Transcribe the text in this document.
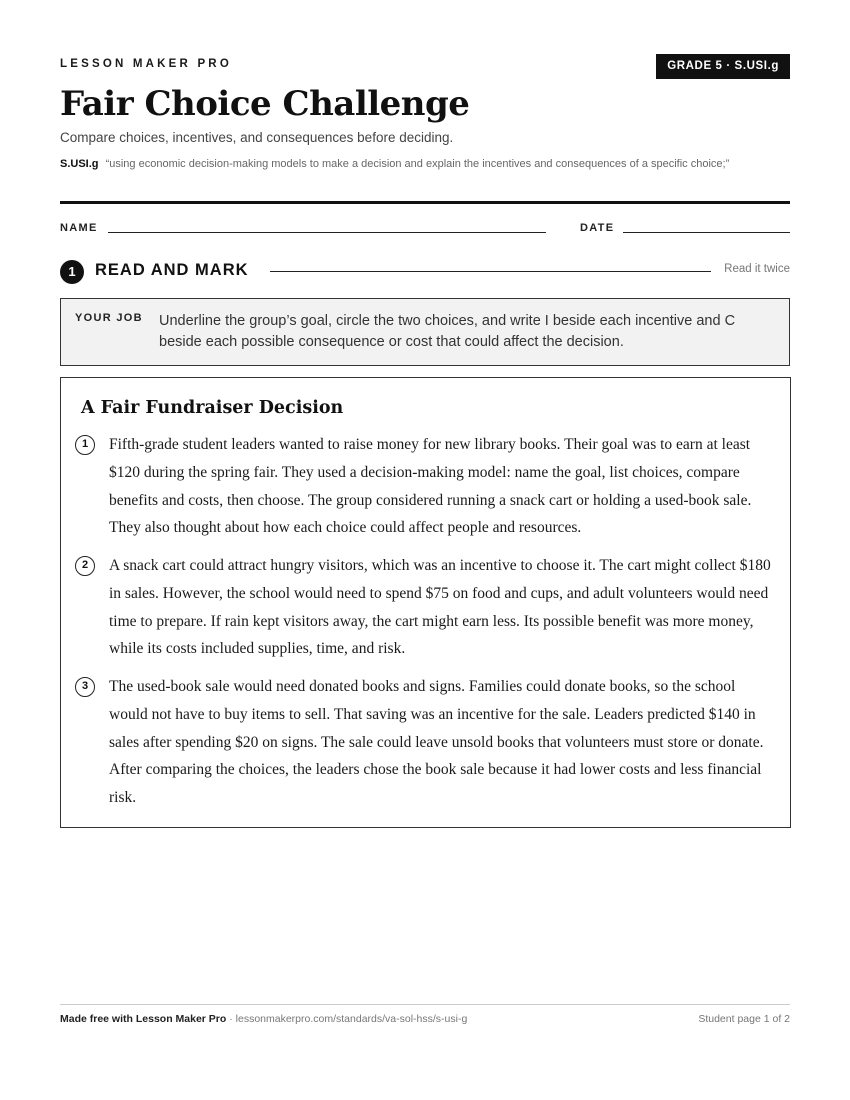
LESSON MAKER PRO	GRADE 5 · S.USI.g
Fair Choice Challenge
Compare choices, incentives, and consequences before deciding.
S.USI.g “using economic decision-making models to make a decision and explain the incentives and consequences of a specific choice;”
NAME	DATE
1	READ AND MARK	Read it twice
YOUR JOB Underline the group’s goal, circle the two choices, and write I beside each incentive and C beside each possible consequence or cost that could affect the decision.
A Fair Fundraiser Decision
1	Fifth-grade student leaders wanted to raise money for new library books. Their goal was to earn at least $120 during the spring fair. They used a decision-making model: name the goal, list choices, compare benefits and costs, then choose. The group considered running a snack cart or holding a used-book sale. They also thought about how each choice could affect people and resources.
2	A snack cart could attract hungry visitors, which was an incentive to choose it. The cart might collect $180 in sales. However, the school would need to spend $75 on food and cups, and adult volunteers would need time to prepare. If rain kept visitors away, the cart might earn less. Its possible benefit was more money, while its costs included supplies, time, and risk.
3	The used-book sale would need donated books and signs. Families could donate books, so the school would not have to buy items to sell. That saving was an incentive for the sale. Leaders predicted $140 in sales after spending $20 on signs. The sale could leave unsold books that volunteers must store or donate. After comparing the choices, the leaders chose the book sale because it had lower costs and less financial risk.
Made free with Lesson Maker Pro · lessonmakerpro.com/standards/va-sol-hss/s-usi-g	Student page 1 of 2
